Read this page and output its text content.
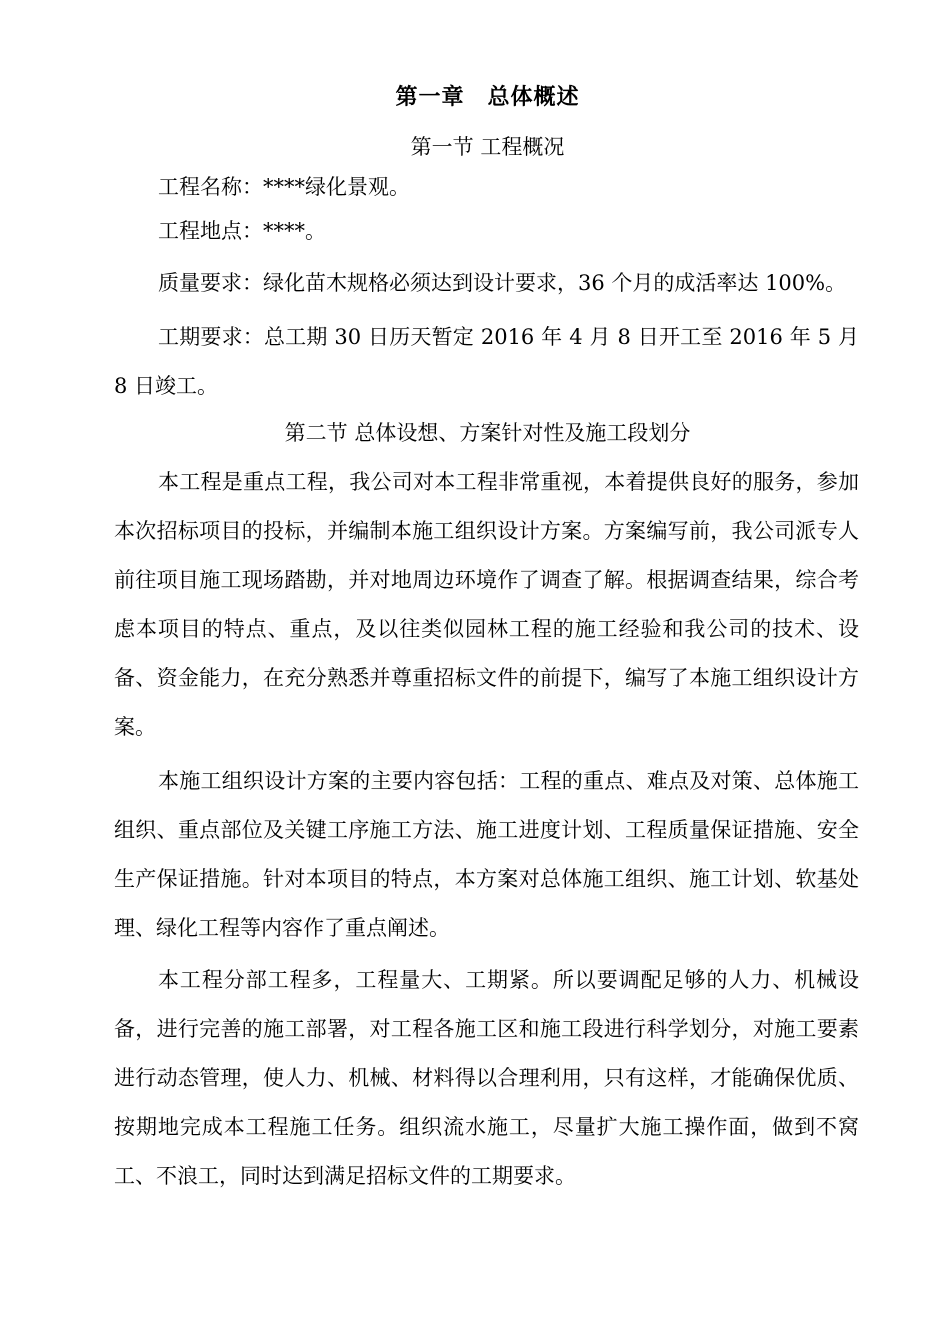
第一章　总体概述
第一节 工程概况
工程名称：****绿化景观。
工程地点：****。
质量要求：绿化苗木规格必须达到设计要求，36 个月的成活率达 100%。

工期要求：总工期 30 日历天暂定 2016 年 4 月 8 日开工至 2016 年 5 月 8 日竣工。

第二节 总体设想、方案针对性及施工段划分

本工程是重点工程，我公司对本工程非常重视，本着提供良好的服务，参加本次招标项目的投标，并编制本施工组织设计方案。方案编写前，我公司派专人前往项目施工现场踏勘，并对地周边环境作了调查了解。根据调查结果，综合考虑本项目的特点、重点，及以往类似园林工程的施工经验和我公司的技术、设备、资金能力，在充分熟悉并尊重招标文件的前提下，编写了本施工组织设计方案。

本施工组织设计方案的主要内容包括：工程的重点、难点及对策、总体施工组织、重点部位及关键工序施工方法、施工进度计划、工程质量保证措施、安全生产保证措施。针对本项目的特点，本方案对总体施工组织、施工计划、软基处理、绿化工程等内容作了重点阐述。

本工程分部工程多，工程量大、工期紧。所以要调配足够的人力、机械设备，进行完善的施工部署，对工程各施工区和施工段进行科学划分，对施工要素进行动态管理，使人力、机械、材料得以合理利用，只有这样，才能确保优质、按期地完成本工程施工任务。组织流水施工，尽量扩大施工操作面，做到不窝工、不浪工，同时达到满足招标文件的工期要求。
